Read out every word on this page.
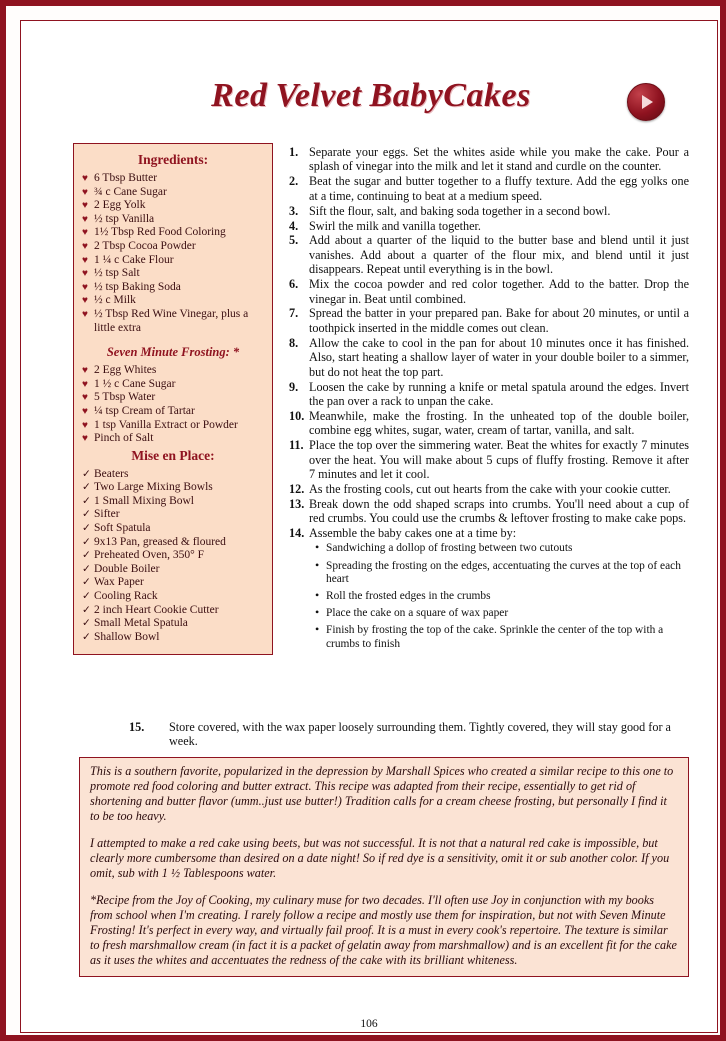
Red Velvet BabyCakes
Ingredients:
♥ 6 Tbsp Butter
♥ ¾ c Cane Sugar
♥ 2 Egg Yolk
♥ ½ tsp Vanilla
♥ 1½ Tbsp Red Food Coloring
♥ 2 Tbsp Cocoa Powder
♥ 1 ¼ c Cake Flour
♥ ½ tsp Salt
♥ ½ tsp Baking Soda
♥ ½ c Milk
♥ ½ Tbsp Red Wine Vinegar, plus a little extra
Seven Minute Frosting: *
♥ 2 Egg Whites
♥ 1 ½ c Cane Sugar
♥ 5 Tbsp Water
♥ ¼ tsp Cream of Tartar
♥ 1 tsp Vanilla Extract or Powder
♥ Pinch of Salt
Mise en Place:
✓ Beaters
✓ Two Large Mixing Bowls
✓ 1 Small Mixing Bowl
✓ Sifter
✓ Soft Spatula
✓ 9x13 Pan, greased & floured
✓ Preheated Oven, 350° F
✓ Double Boiler
✓ Wax Paper
✓ Cooling Rack
✓ 2 inch Heart Cookie Cutter
✓ Small Metal Spatula
✓ Shallow Bowl
1. Separate your eggs. Set the whites aside while you make the cake. Pour a splash of vinegar into the milk and let it stand and curdle on the counter.
2. Beat the sugar and butter together to a fluffy texture. Add the egg yolks one at a time, continuing to beat at a medium speed.
3. Sift the flour, salt, and baking soda together in a second bowl.
4. Swirl the milk and vanilla together.
5. Add about a quarter of the liquid to the butter base and blend until it just vanishes. Add about a quarter of the flour mix, and blend until it just disappears. Repeat until everything is in the bowl.
6. Mix the cocoa powder and red color together. Add to the batter. Drop the vinegar in. Beat until combined.
7. Spread the batter in your prepared pan. Bake for about 20 minutes, or until a toothpick inserted in the middle comes out clean.
8. Allow the cake to cool in the pan for about 10 minutes once it has finished. Also, start heating a shallow layer of water in your double boiler to a simmer, but do not heat the top part.
9. Loosen the cake by running a knife or metal spatula around the edges. Invert the pan over a rack to unpan the cake.
10. Meanwhile, make the frosting. In the unheated top of the double boiler, combine egg whites, sugar, water, cream of tartar, vanilla, and salt.
11. Place the top over the simmering water. Beat the whites for exactly 7 minutes over the heat. You will make about 5 cups of fluffy frosting. Remove it after 7 minutes and let it cool.
12. As the frosting cools, cut out hearts from the cake with your cookie cutter.
13. Break down the odd shaped scraps into crumbs. You'll need about a cup of red crumbs. You could use the crumbs & leftover frosting to make cake pops.
14. Assemble the baby cakes one at a time by:
• Sandwiching a dollop of frosting between two cutouts
• Spreading the frosting on the edges, accentuating the curves at the top of each heart
• Roll the frosted edges in the crumbs
• Place the cake on a square of wax paper
• Finish by frosting the top of the cake. Sprinkle the center of the top with a crumbs to finish
15.	Store covered, with the wax paper loosely surrounding them. Tightly covered, they will stay good for a week.

This is a southern favorite, popularized in the depression by Marshall Spices who created a similar recipe to this one to promote red food coloring and butter extract. This recipe was adapted from their recipe, essentially to get rid of shortening and butter flavor (umm..just use butter!) Tradition calls for a cream cheese frosting, but personally I find it to be too heavy.

I attempted to make a red cake using beets, but was not successful. It is not that a natural red cake is impossible, but clearly more cumbersome than desired on a date night! So if red dye is a sensitivity, omit it or sub another color. If you omit, sub with 1 ½ Tablespoons water.

*Recipe from the Joy of Cooking, my culinary muse for two decades. I'll often use Joy in conjunction with my books from school when I'm creating. I rarely follow a recipe and mostly use them for inspiration, but not with Seven Minute Frosting! It's perfect in every way, and virtually fail proof. It is a must in every cook's repertoire. The texture is similar to fresh marshmallow cream (in fact it is a packet of gelatin away from marshmallow) and is an excellent fit for the cake as it uses the whites and accentuates the redness of the cake with its brilliant whiteness.

106
